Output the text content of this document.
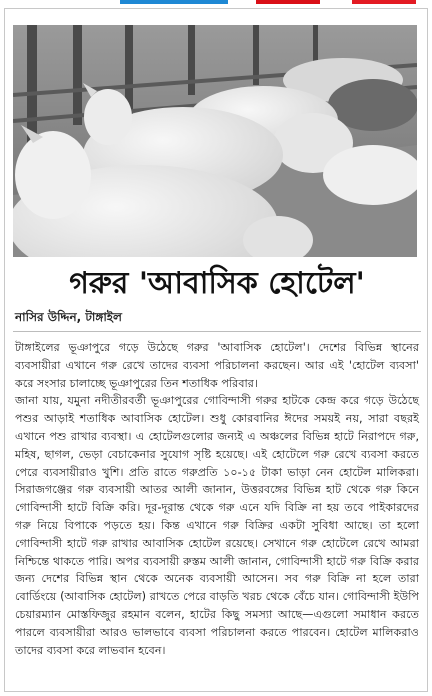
গরুর 'আবাসিক হোটেল'
নাসির উদ্দিন, টাঙ্গাইল

টাঙ্গাইলের ভূঞাপুরে গড়ে উঠেছে গরুর 'আবাসিক হোটেল'। দেশের বিভিন্ন স্থানের ব্যবসায়ীরা এখানে গরু রেখে তাদের ব্যবসা পরিচালনা করছেন। আর এই 'হোটেল ব্যবসা' করে সংসার চালাচ্ছে ভূঞাপুরের তিন শতাধিক পরিবার।

জানা যায়, যমুনা নদীতীরবর্তী ভূঞাপুরের গোবিন্দাসী গরুর হাটকে কেন্দ্র করে গড়ে উঠেছে পশুর আড়াই শতাধিক আবাসিক হোটেল। শুধু কোরবানির ঈদের সময়ই নয়, সারা বছরই এখানে পশু রাখার ব্যবস্থা। এ হোটেলগুলোর জন্যই এ অঞ্চলের বিভিন্ন হাটে নিরাপদে গরু, মহিষ, ছাগল, ভেড়া বেচাকেনার সুযোগ সৃষ্টি হয়েছে। এই হোটেলে গরু রেখে ব্যবসা করতে পেরে ব্যবসায়ীরাও খুশি। প্রতি রাতে গরুপ্রতি ১০-১৫ টাকা ভাড়া নেন হোটেল মালিকরা। সিরাজগঞ্জের গরু ব্যবসায়ী আতর আলী জানান, উত্তরবঙ্গের বিভিন্ন হাট থেকে গরু কিনে গোবিন্দাসী হাটে বিক্রি করি। দূর-দূরান্ত থেকে গরু এনে যদি বিক্রি না হয় তবে পাইকারদের গরু নিয়ে বিপাকে পড়তে হয়। কিন্ত এখানে গরু বিক্রির একটা সুবিধা আছে। তা হলো গোবিন্দাসী হাটে গরু রাখার আবাসিক হোটেল রয়েছে। সেখানে গরু হোটেলে রেখে আমরা নিশ্চিন্তে থাকতে পারি। অপর ব্যবসায়ী রুস্তম আলী জানান, গোবিন্দাসী হাটে গরু বিক্রি করার জন্য দেশের বিভিন্ন স্থান থেকে অনেক ব্যবসায়ী আসেন। সব গরু বিক্রি না হলে তারা বোর্ডিংয়ে (আবাসিক হোটেল) রাখতে পেরে বাড়তি খরচ থেকে বেঁচে যান। গোবিন্দাসী ইউপি চেয়ারম্যান মোস্তফিজুর রহমান বলেন, হাটের কিছু সমস্যা আছে—এগুলো সমাধান করতে পারলে ব্যবসায়ীরা আরও ভালভাবে ব্যবসা পরিচালনা করতে পারবেন। হোটেল মালিকরাও তাদের ব্যবসা করে লাভবান হবেন।
